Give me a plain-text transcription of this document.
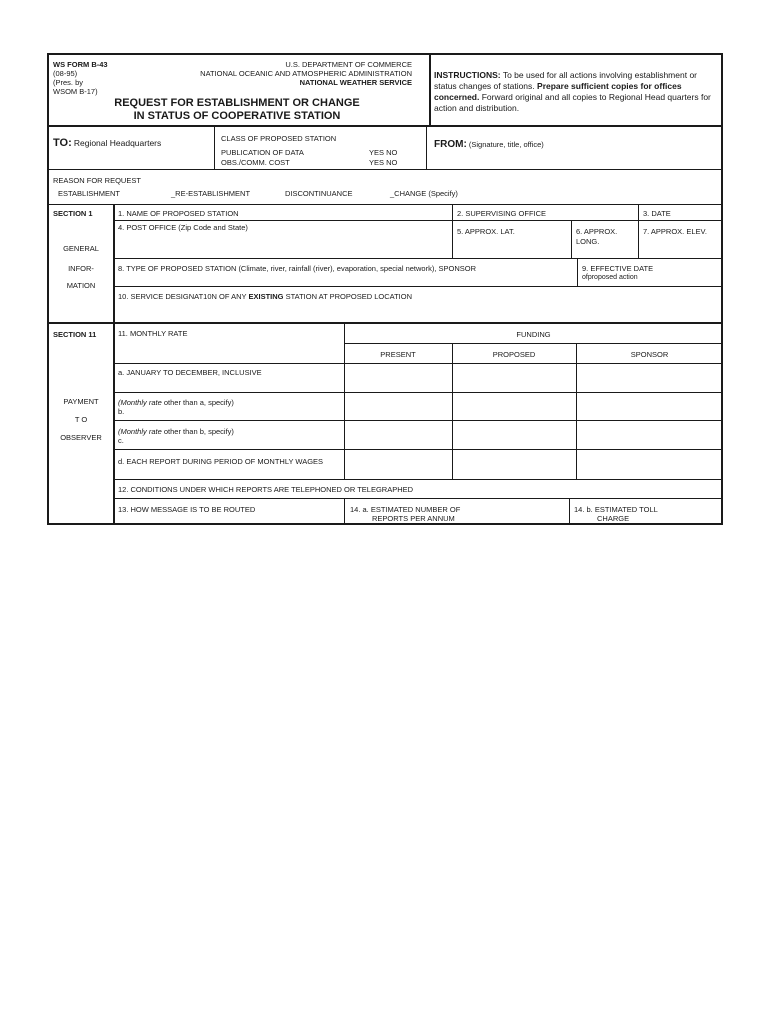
WS FORM B-43
(08-95)
(Pres. by
WSOM B-17)
U.S. DEPARTMENT OF COMMERCE
NATIONAL OCEANIC AND ATMOSPHERIC ADMINISTRATION
NATIONAL WEATHER SERVICE
REQUEST FOR ESTABLISHMENT OR CHANGE
IN STATUS OF COOPERATIVE STATION
INSTRUCTIONS: To be used for all actions involving establishment or status changes of stations. Prepare sufficient copies for offices concerned. Forward original and all copies to Regional Head quarters for action and distribution.
TO: Regional Headquarters	CLASS OF PROPOSED STATION
PUBLICATION OF DATA
OBS./COMM. COST
YES NO
YES NO
FROM: (Signature, title, office)
REASON FOR REQUEST
ESTABLISHMENT	_RE-ESTABLISHMENT	DISCONTINUANCE	_CHANGE (Specify)
SECTION 1
GENERAL
INFOR-
MATION
1. NAME OF PROPOSED STATION	2. SUPERVISING OFFICE	3. DATE
4. POST OFFICE (Zip Code and State)	5. APPROX. LAT.	6. APPROX.
LONG.
7. APPROX. ELEV.
8. TYPE OF PROPOSED STATION (Climate, river, rainfall (river), evaporation, special network), SPONSOR	9. EFFECTIVE DATE
ofproposed action
10. SERVICE DESIGNAT10N OF ANY EXISTING STATION AT PROPOSED LOCATION
SECTION 11
PAYMENT
T O
OBSERVER
11. MONTHLY RATE	FUNDING
PRESENT	PROPOSED	SPONSOR
a. JANUARY TO DECEMBER, INCLUSIVE
(Monthly rate other than a, specify)
b.
(Monthly rate other than b, specify)
c.
d. EACH REPORT DURING PERIOD OF MONTHLY WAGES
12. CONDITIONS UNDER WHICH REPORTS ARE TELEPHONED OR TELEGRAPHED
13. HOW MESSAGE IS TO BE ROUTED	14. a. ESTIMATED NUMBER OF
REPORTS PER ANNUM
14. b. ESTIMATED TOLL
CHARGE
